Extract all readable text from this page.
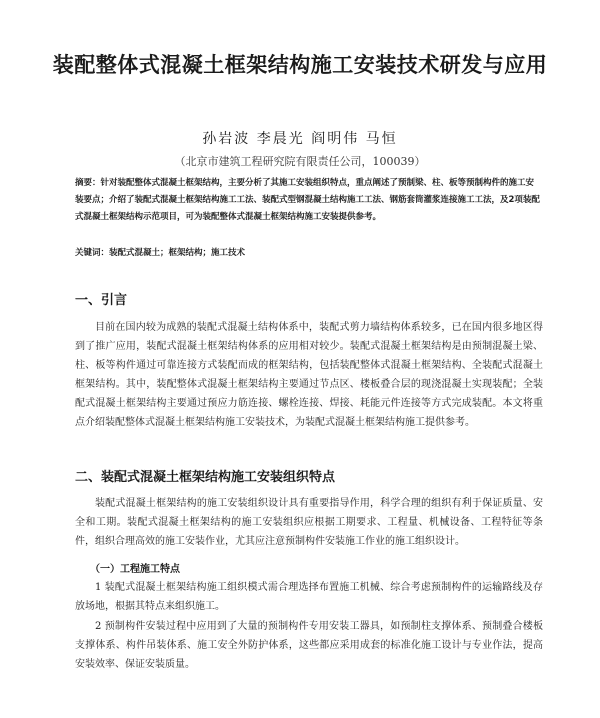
装配整体式混凝土框架结构施工安装技术研发与应用
孙岩波 李晨光 阎明伟 马恒
（北京市建筑工程研究院有限责任公司，100039）
摘要：针对装配整体式混凝土框架结构，主要分析了其施工安装组织特点，重点阐述了预制梁、柱、板等预制构件的施工安装要点；介绍了装配式混凝土框架结构施工工法、装配式型钢混凝土结构施工工法、钢筋套筒灌浆连接施工工法，及2项装配式混凝土框架结构示范项目，可为装配整体式混凝土框架结构施工安装提供参考。
关键词：装配式混凝土；框架结构；施工技术
一、引言
目前在国内较为成熟的装配式混凝土结构体系中，装配式剪力墙结构体系较多，已在国内很多地区得到了推广应用，装配式混凝土框架结构体系的应用相对较少。装配式混凝土框架结构是由预制混凝土梁、柱、板等构件通过可靠连接方式装配而成的框架结构，包括装配整体式混凝土框架结构、全装配式混凝土框架结构。其中，装配整体式混凝土框架结构主要通过节点区、楼板叠合层的现浇混凝土实现装配；全装配式混凝土框架结构主要通过预应力筋连接、螺栓连接、焊接、耗能元件连接等方式完成装配。本文将重点介绍装配整体式混凝土框架结构施工安装技术，为装配式混凝土框架结构施工提供参考。
二、装配式混凝土框架结构施工安装组织特点
装配式混凝土框架结构的施工安装组织设计具有重要指导作用，科学合理的组织有利于保证质量、安全和工期。装配式混凝土框架结构的施工安装组织应根据工期要求、工程量、机械设备、工程特征等条件，组织合理高效的施工安装作业，尤其应注意预制构件安装施工作业的施工组织设计。
（一）工程施工特点
1 装配式混凝土框架结构施工组织模式需合理选择布置施工机械、综合考虑预制构件的运输路线及存放场地，根据其特点来组织施工。
2 预制构件安装过程中应用到了大量的预制构件专用安装工器具，如预制柱支撑体系、预制叠合楼板支撑体系、构件吊装体系、施工安全外防护体系，这些都应采用成套的标准化施工设计与专业作法，提高安装效率、保证安装质量。
